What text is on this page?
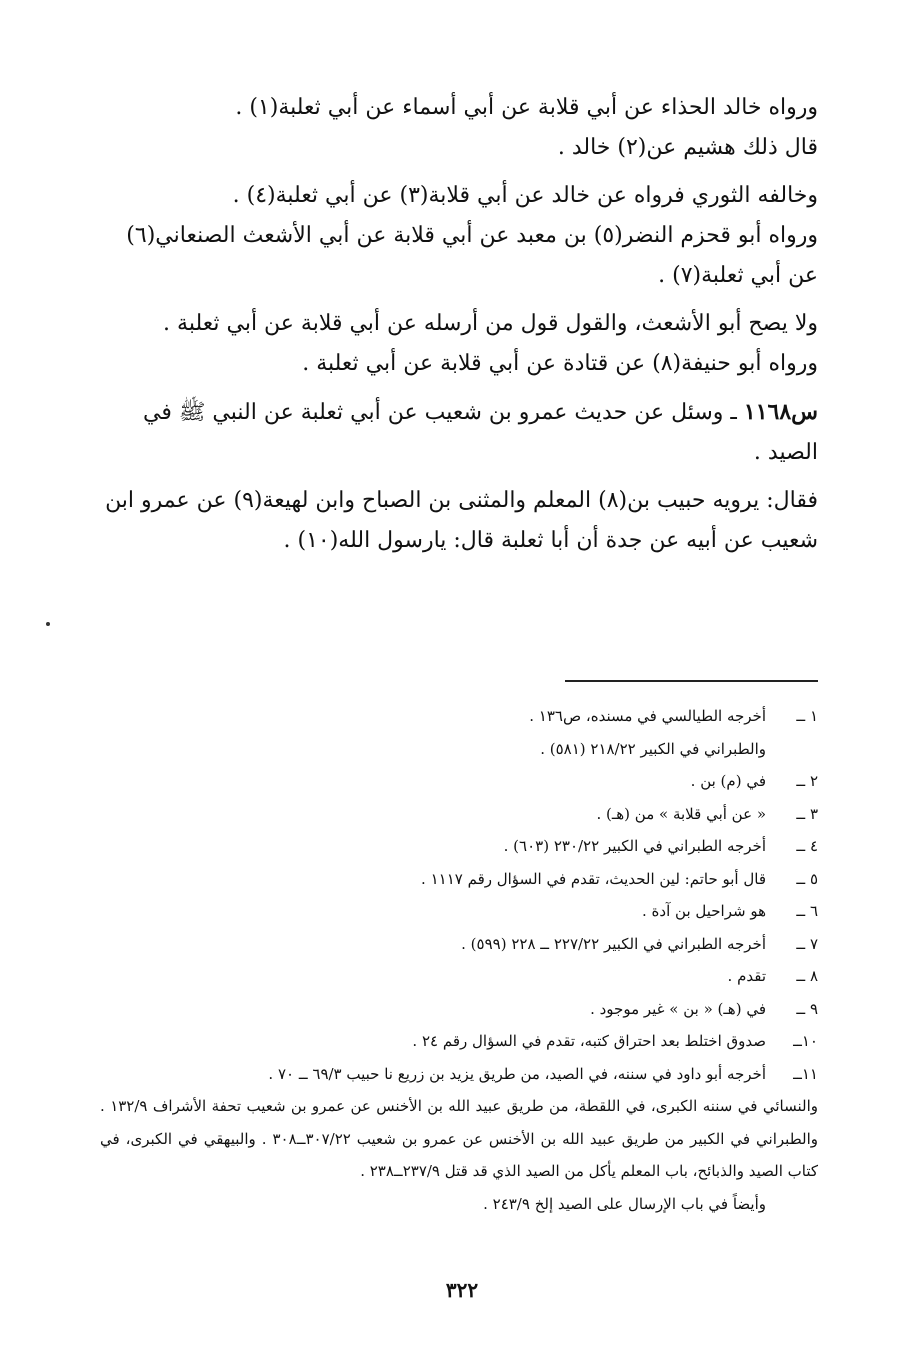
ورواه خالد الحذاء عن أبي قلابة عن أبي أسماء عن أبي ثعلبة(١) .

قال ذلك هشيم عن(٢) خالد .

وخالفه الثوري فرواه عن خالد عن أبي قلابة(٣) عن أبي ثعلبة(٤) .

ورواه أبو قحزم النضر(٥) بن معبد عن أبي قلابة عن أبي الأشعث الصنعاني(٦) عن أبي ثعلبة(٧) .

ولا يصح أبو الأشعث، والقول قول من أرسله عن أبي قلابة عن أبي ثعلبة .

ورواه أبو حنيفة(٨) عن قتادة عن أبي قلابة عن أبي ثعلبة .

س١١٦٨ ـ وسئل عن حديث عمرو بن شعيب عن أبي ثعلبة عن النبي ﷺ في الصيد .

فقال: يرويه حبيب بن(٨) المعلم والمثنى بن الصباح وابن لهيعة(٩) عن عمرو ابن شعيب عن أبيه عن جدة أن أبا ثعلبة قال: يارسول الله(١٠) .

١ ــ
أخرجه الطيالسي في مسنده، ص١٣٦ .
والطبراني في الكبير ٢١٨/٢٢ (٥٨١) .
٢ ــ
في (م) بن .
٣ ــ
« عن أبي قلابة » من (هـ) .
٤ ــ
أخرجه الطبراني في الكبير ٢٣٠/٢٢ (٦٠٣) .
٥ ــ
قال أبو حاتم: لين الحديث، تقدم في السؤال رقم ١١١٧ .
٦ ــ
هو شراحيل بن آدة .
٧ ــ
أخرجه الطبراني في الكبير ٢٢٧/٢٢ ــ ٢٢٨ (٥٩٩) .
٨ ــ
تقدم .
٩ ــ
في (هـ) « بن » غير موجود .
١٠ــ
صدوق اختلط بعد احتراق كتبه، تقدم في السؤال رقم ٢٤ .
١١ــ
أخرجه أبو داود في سننه، في الصيد، من طريق يزيد بن زريع نا حبيب ٦٩/٣ ــ ٧٠ .
والنسائي في سننه الكبرى، في اللقطة، من طريق عبيد الله بن الأخنس عن عمرو بن شعيب تحفة الأشراف ١٣٢/٩ . والطبراني في الكبير من طريق عبيد الله بن الأخنس عن عمرو بن شعيب ٣٠٧/٢٢ــ٣٠٨ . والبيهقي في الكبرى، في كتاب الصيد والذبائح، باب المعلم يأكل من الصيد الذي قد قتل ٢٣٧/٩ــ٢٣٨ .
وأيضاً في باب الإرسال على الصيد إلخ ٢٤٣/٩ .
٣٢٢
